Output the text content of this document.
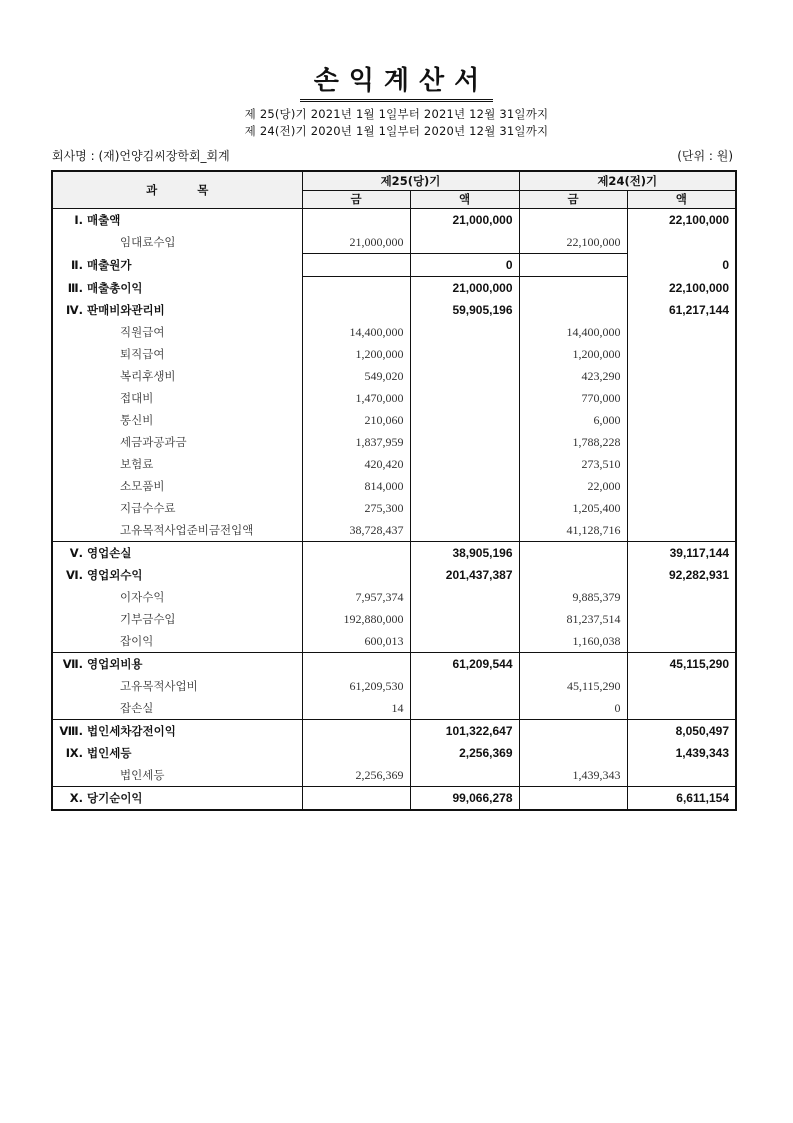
손익계산서
제 25(당)기 2021년 1월 1일부터 2021년 12월 31일까지
제 24(전)기 2020년 1월 1일부터 2020년 12월 31일까지
회사명 : (재)언양김씨장학회_회계	(단위 : 원)
과          목	제25(당)기		제24(전)기	
	금	액	금	액
Ⅰ. 매출액		21,000,000		22,100,000
임대료수입	21,000,000		22,100,000	
Ⅱ. 매출원가		0		0
Ⅲ. 매출총이익		21,000,000		22,100,000
Ⅳ. 판매비와관리비		59,905,196		61,217,144
직원급여	14,400,000		14,400,000	
퇴직급여	1,200,000		1,200,000	
복리후생비	549,020		423,290	
접대비	1,470,000		770,000	
통신비	210,060		6,000	
세금과공과금	1,837,959		1,788,228	
보험료	420,420		273,510	
소모품비	814,000		22,000	
지급수수료	275,300		1,205,400	
고유목적사업준비금전입액	38,728,437		41,128,716	
Ⅴ. 영업손실		38,905,196		39,117,144
Ⅵ. 영업외수익		201,437,387		92,282,931
이자수익	7,957,374		9,885,379	
기부금수입	192,880,000		81,237,514	
잡이익	600,013		1,160,038	
Ⅶ. 영업외비용		61,209,544		45,115,290
고유목적사업비	61,209,530		45,115,290	
잡손실	14		0	
Ⅷ. 법인세차감전이익		101,322,647		8,050,497
Ⅸ. 법인세등		2,256,369		1,439,343
법인세등	2,256,369		1,439,343	
Ⅹ. 당기순이익		99,066,278		6,611,154
